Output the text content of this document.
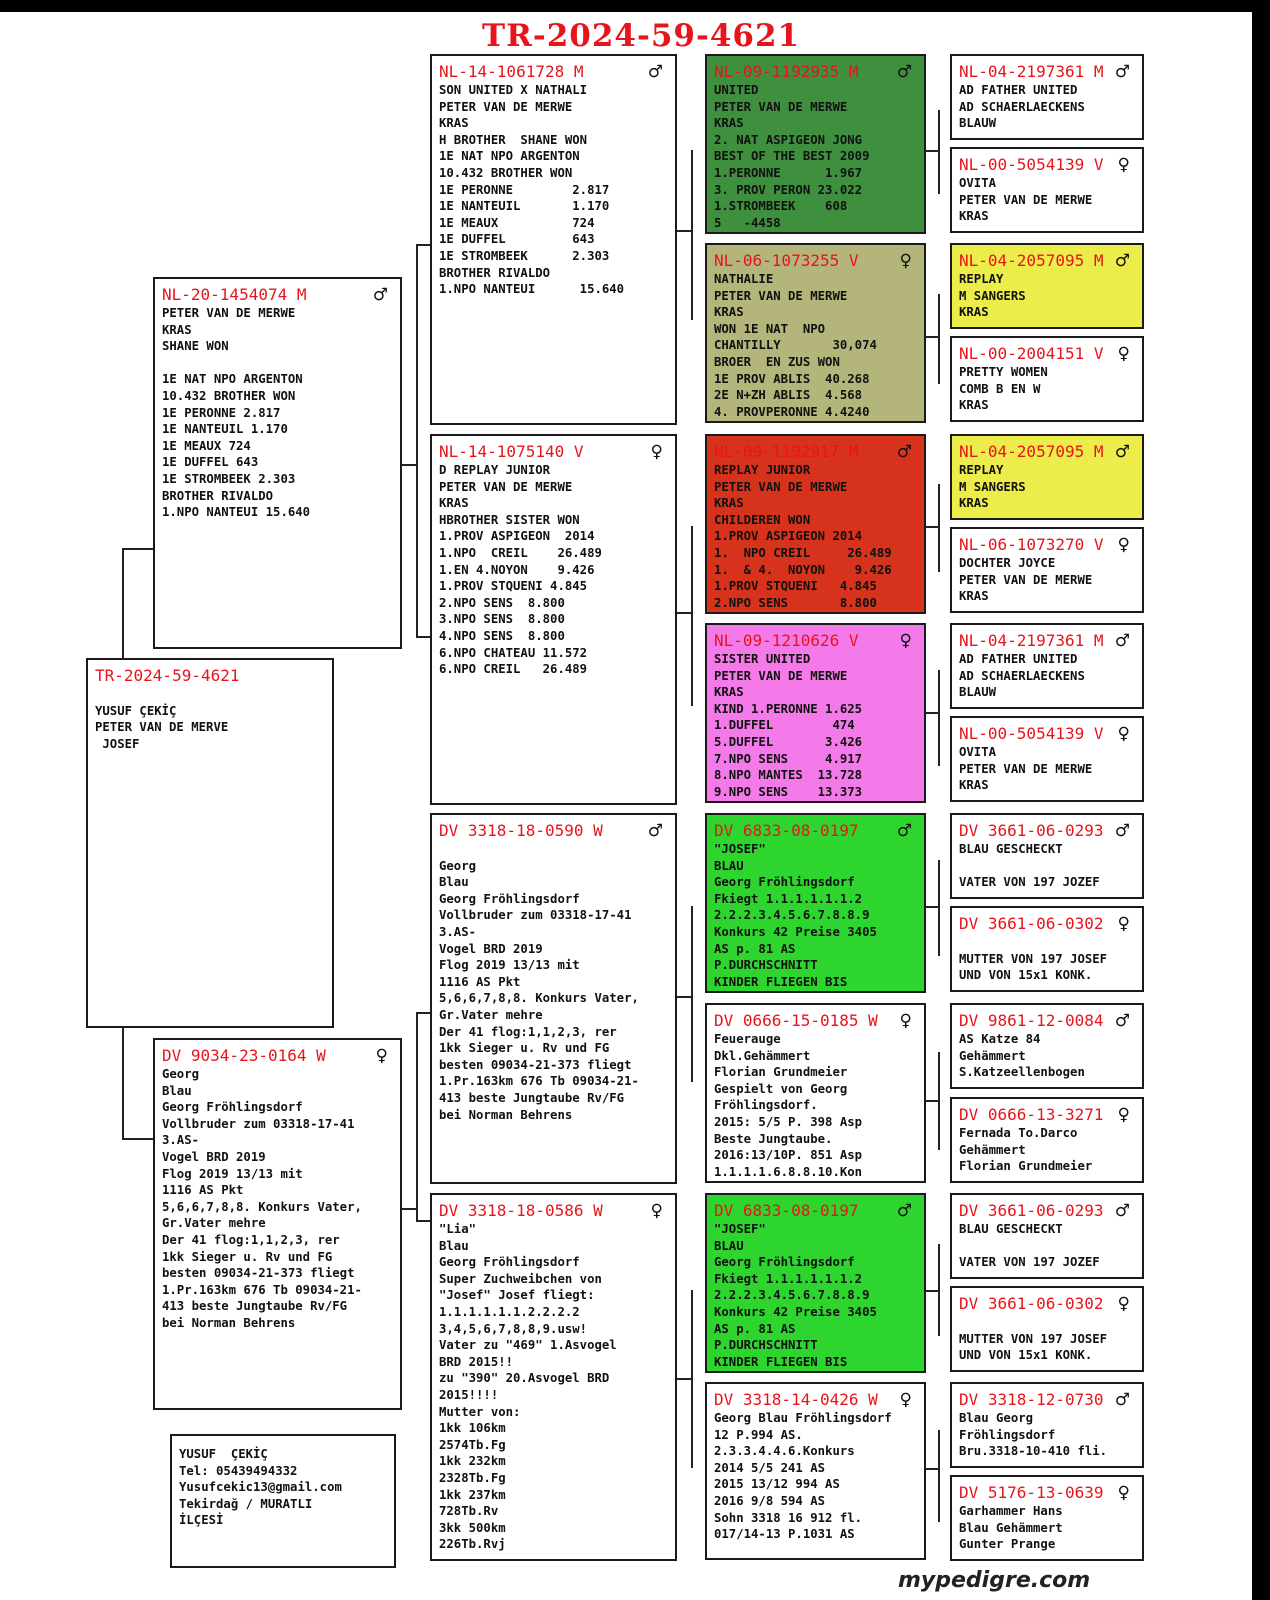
TR-2024-59-4621
TR-2024-59-4621
YUSUF ÇEKİÇ
PETER VAN DE MERVE
JOSEF
NL-20-1454074 M	♂
PETER VAN DE MERWE
KRAS
SHANE WON
1E NAT NPO ARGENTON
10.432 BROTHER WON
1E PERONNE 2.817
1E NANTEUIL 1.170
1E MEAUX 724
1E DUFFEL 643
1E STROMBEEK 2.303
BROTHER RIVALDO
1.NPO NANTEUI 15.640
DV 9034-23-0164 W	♀
Georg
Blau
Georg Fröhlingsdorf
Vollbruder zum 03318-17-41
3.AS-
Vogel BRD 2019
Flog 2019 13/13 mit
1116 AS Pkt
5,6,6,7,8,8. Konkurs Vater,
Gr.Vater mehre
Der 41 flog:1,1,2,3, rer
1kk Sieger u. Rv und FG
besten 09034-21-373 fliegt
1.Pr.163km 676 Tb 09034-21-
413 beste Jungtaube Rv/FG
bei Norman Behrens
NL-14-1061728 M	♂
SON UNITED X NATHALI
PETER VAN DE MERWE
KRAS
H BROTHER  SHANE WON
1E NAT NPO ARGENTON
10.432 BROTHER WON
1E PERONNE        2.817
1E NANTEUIL       1.170
1E MEAUX          724
1E DUFFEL         643
1E STROMBEEK      2.303
BROTHER RIVALDO
1.NPO NANTEUI      15.640
NL-14-1075140 V	♀
D REPLAY JUNIOR
PETER VAN DE MERWE
KRAS
HBROTHER SISTER WON
1.PROV ASPIGEON  2014
1.NPO  CREIL    26.489
1.EN 4.NOYON    9.426
1.PROV STQUENI 4.845
2.NPO SENS  8.800
3.NPO SENS  8.800
4.NPO SENS  8.800
6.NPO CHATEAU 11.572
6.NPO CREIL   26.489
DV 3318-18-0590 W	♂
Georg
Blau
Georg Fröhlingsdorf
Vollbruder zum 03318-17-41
3.AS-
Vogel BRD 2019
Flog 2019 13/13 mit
1116 AS Pkt
5,6,6,7,8,8. Konkurs Vater,
Gr.Vater mehre
Der 41 flog:1,1,2,3, rer
1kk Sieger u. Rv und FG
besten 09034-21-373 fliegt
1.Pr.163km 676 Tb 09034-21-
413 beste Jungtaube Rv/FG
bei Norman Behrens
DV 3318-18-0586 W	♀
"Lia"
Blau
Georg Fröhlingsdorf
Super Zuchweibchen von
"Josef" Josef fliegt:
1.1.1.1.1.1.2.2.2.2
3,4,5,6,7,8,8,9.usw!
Vater zu "469" 1.Asvogel
BRD 2015!!
zu "390" 20.Asvogel BRD
2015!!!!
Mutter von:
1kk 106km
2574Tb.Fg
1kk 232km
2328Tb.Fg
1kk 237km
728Tb.Rv
3kk 500km
226Tb.Rvj
NL-09-1192935 M	♂
UNITED
PETER VAN DE MERWE
KRAS
2. NAT ASPIGEON JONG
BEST OF THE BEST 2009
1.PERONNE      1.967
3. PROV PERON 23.022
1.STROMBEEK    608
5   -4458
NL-06-1073255 V	♀
NATHALIE
PETER VAN DE MERWE
KRAS
WON 1E NAT  NPO
CHANTILLY       30,074
BROER  EN ZUS WON
1E PROV ABLIS  40.268
2E N+ZH ABLIS  4.568
4. PROVPERONNE 4.4240
NL-09-1192917 M	♂
REPLAY JUNIOR
PETER VAN DE MERWE
KRAS
CHILDEREN WON
1.PROV ASPIGEON 2014
1.  NPO CREIL     26.489
1.  & 4.  NOYON    9.426
1.PROV STQUENI   4.845
2.NPO SENS       8.800
NL-09-1210626 V	♀
SISTER UNITED
PETER VAN DE MERWE
KRAS
KIND 1.PERONNE 1.625
1.DUFFEL        474
5.DUFFEL       3.426
7.NPO SENS     4.917
8.NPO MANTES  13.728
9.NPO SENS    13.373
DV 6833-08-0197	♂
"JOSEF"
BLAU
Georg Fröhlingsdorf
Fkiegt 1.1.1.1.1.1.2
2.2.2.3.4.5.6.7.8.8.9
Konkurs 42 Preise 3405
AS p. 81 AS
P.DURCHSCHNITT
KINDER FLIEGEN BIS
DV 0666-15-0185 W	♀
Feuerauge
Dkl.Gehämmert
Florian Grundmeier
Gespielt von Georg
Fröhlingsdorf.
2015: 5/5 P. 398 Asp
Beste Jungtaube.
2016:13/10P. 851 Asp
1.1.1.1.6.8.8.10.Kon
DV 6833-08-0197	♂
"JOSEF"
BLAU
Georg Fröhlingsdorf
Fkiegt 1.1.1.1.1.1.2
2.2.2.3.4.5.6.7.8.8.9
Konkurs 42 Preise 3405
AS p. 81 AS
P.DURCHSCHNITT
KINDER FLIEGEN BIS
DV 3318-14-0426 W	♀
Georg Blau Fröhlingsdorf
12 P.994 AS.
2.3.3.4.4.6.Konkurs
2014 5/5 241 AS
2015 13/12 994 AS
2016 9/8 594 AS
Sohn 3318 16 912 fl.
017/14-13 P.1031 AS
NL-04-2197361 M ♂
AD FATHER UNITED
AD SCHAERLAECKENS
BLAUW
NL-00-5054139 V ♀
OVITA
PETER VAN DE MERWE
KRAS
NL-04-2057095 M ♂
REPLAY
M SANGERS
KRAS
NL-00-2004151 V ♀
PRETTY WOMEN
COMB B EN W
KRAS
NL-04-2057095 M ♂
REPLAY
M SANGERS
KRAS
NL-06-1073270 V ♀
DOCHTER JOYCE
PETER VAN DE MERWE
KRAS
NL-04-2197361 M ♂
AD FATHER UNITED
AD SCHAERLAECKENS
BLAUW
NL-00-5054139 V ♀
OVITA
PETER VAN DE MERWE
KRAS
DV 3661-06-0293 ♂
BLAU GESCHECKT
VATER VON 197 JOZEF
DV 3661-06-0302 ♀
MUTTER VON 197 JOSEF
UND VON 15x1 KONK.
DV 9861-12-0084 ♂
AS Katze 84
Gehämmert
S.Katzeellenbogen
DV 0666-13-3271 ♀
Fernada To.Darco
Gehämmert
Florian Grundmeier
DV 3661-06-0293 ♂
BLAU GESCHECKT
VATER VON 197 JOZEF
DV 3661-06-0302 ♀
MUTTER VON 197 JOSEF
UND VON 15x1 KONK.
DV 3318-12-0730 ♂
Blau Georg
Fröhlingsdorf
Bru.3318-10-410 fli.
DV 5176-13-0639 ♀
Garhammer Hans
Blau Gehämmert
Gunter Prange
YUSUF  ÇEKİÇ
Tel: 05439494332
Yusufcekic13@gmail.com
Tekirdağ / MURATLI
İLÇESİ
mypedigre.com
